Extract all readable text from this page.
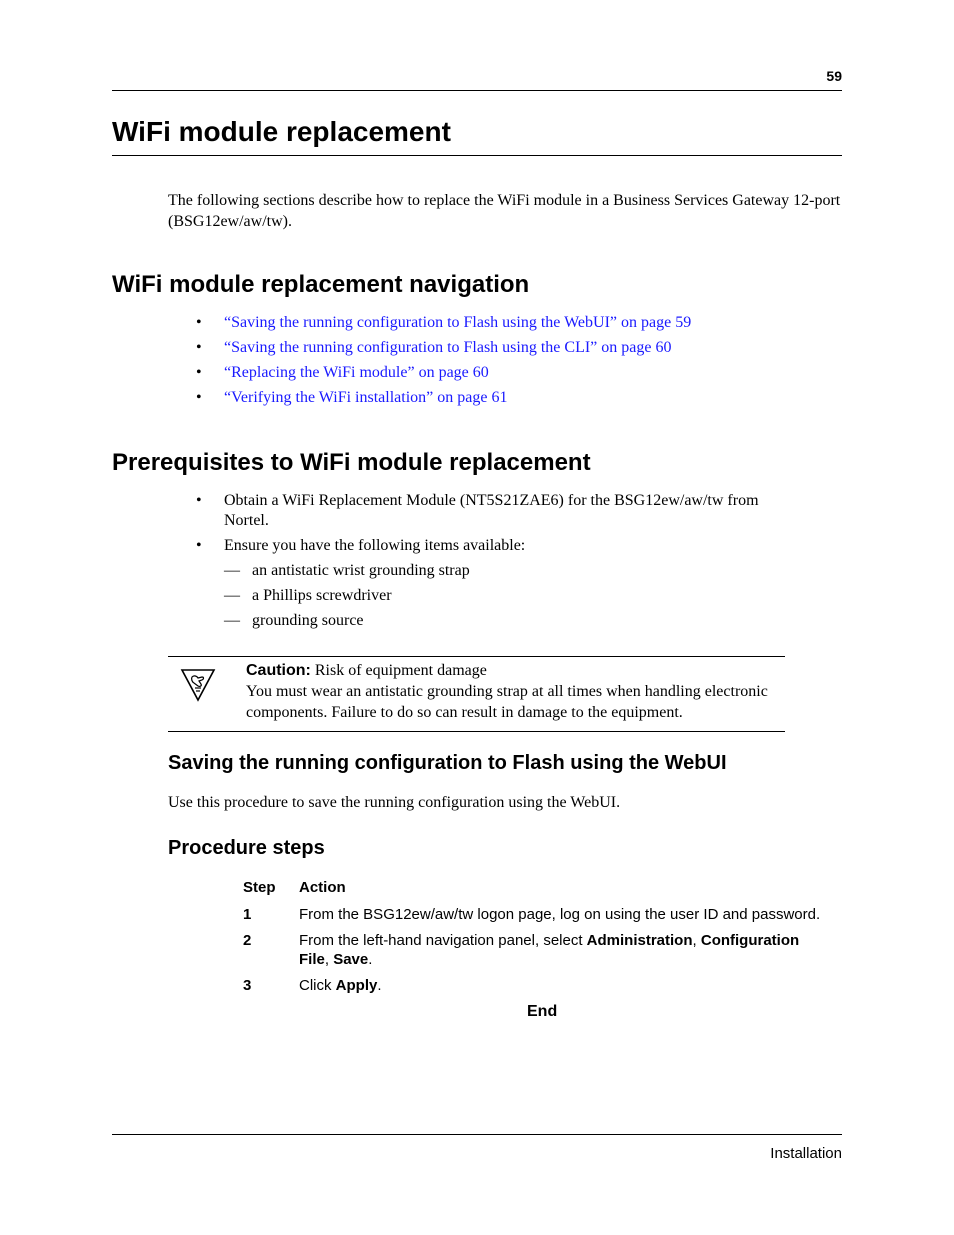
59
WiFi module replacement
The following sections describe how to replace the WiFi module in a Business Services Gateway 12-port (BSG12ew/aw/tw).
WiFi module replacement navigation
• “Saving the running configuration to Flash using the WebUI” on page 59
• “Saving the running configuration to Flash using the CLI” on page 60
• “Replacing the WiFi module” on page 60
• “Verifying the WiFi installation” on page 61
Prerequisites to WiFi module replacement
• Obtain a WiFi Replacement Module (NT5S21ZAE6) for the BSG12ew/aw/tw from Nortel.
• Ensure you have the following items available:
— an antistatic wrist grounding strap
— a Phillips screwdriver
— grounding source
Caution: Risk of equipment damage
You must wear an antistatic grounding strap at all times when handling electronic components. Failure to do so can result in damage to the equipment.
Saving the running configuration to Flash using the WebUI
Use this procedure to save the running configuration using the WebUI.
Procedure steps
Step Action
1	From the BSG12ew/aw/tw logon page, log on using the user ID and password.
2	From the left-hand navigation panel, select Administration, Configuration File, Save.
3	Click Apply.
End
Installation
